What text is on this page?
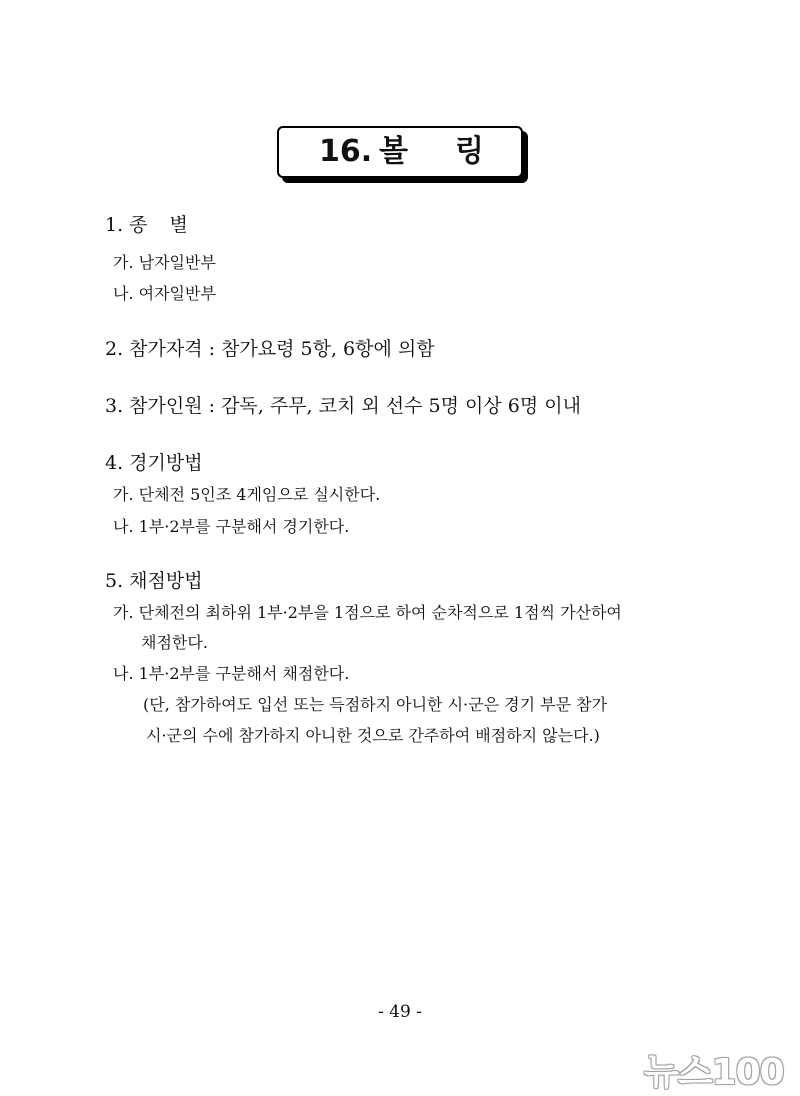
16. 볼 링
1. 종 별
가. 남자일반부
나. 여자일반부
2. 참가자격 : 참가요령 5항, 6항에 의함
3. 참가인원 : 감독, 주무, 코치 외 선수 5명 이상 6명 이내
4. 경기방법
가. 단체전 5인조 4게임으로 실시한다.
나. 1부·2부를 구분해서 경기한다.
5. 채점방법
가. 단체전의 최하위 1부·2부을 1점으로 하여 순차적으로 1점씩 가산하여
채점한다.
나. 1부·2부를 구분해서 채점한다.
(단, 참가하여도 입선 또는 득점하지 아니한 시·군은 경기 부문 참가
시·군의 수에 참가하지 아니한 것으로 간주하여 배점하지 않는다.)
- 49 -
뉴스100
